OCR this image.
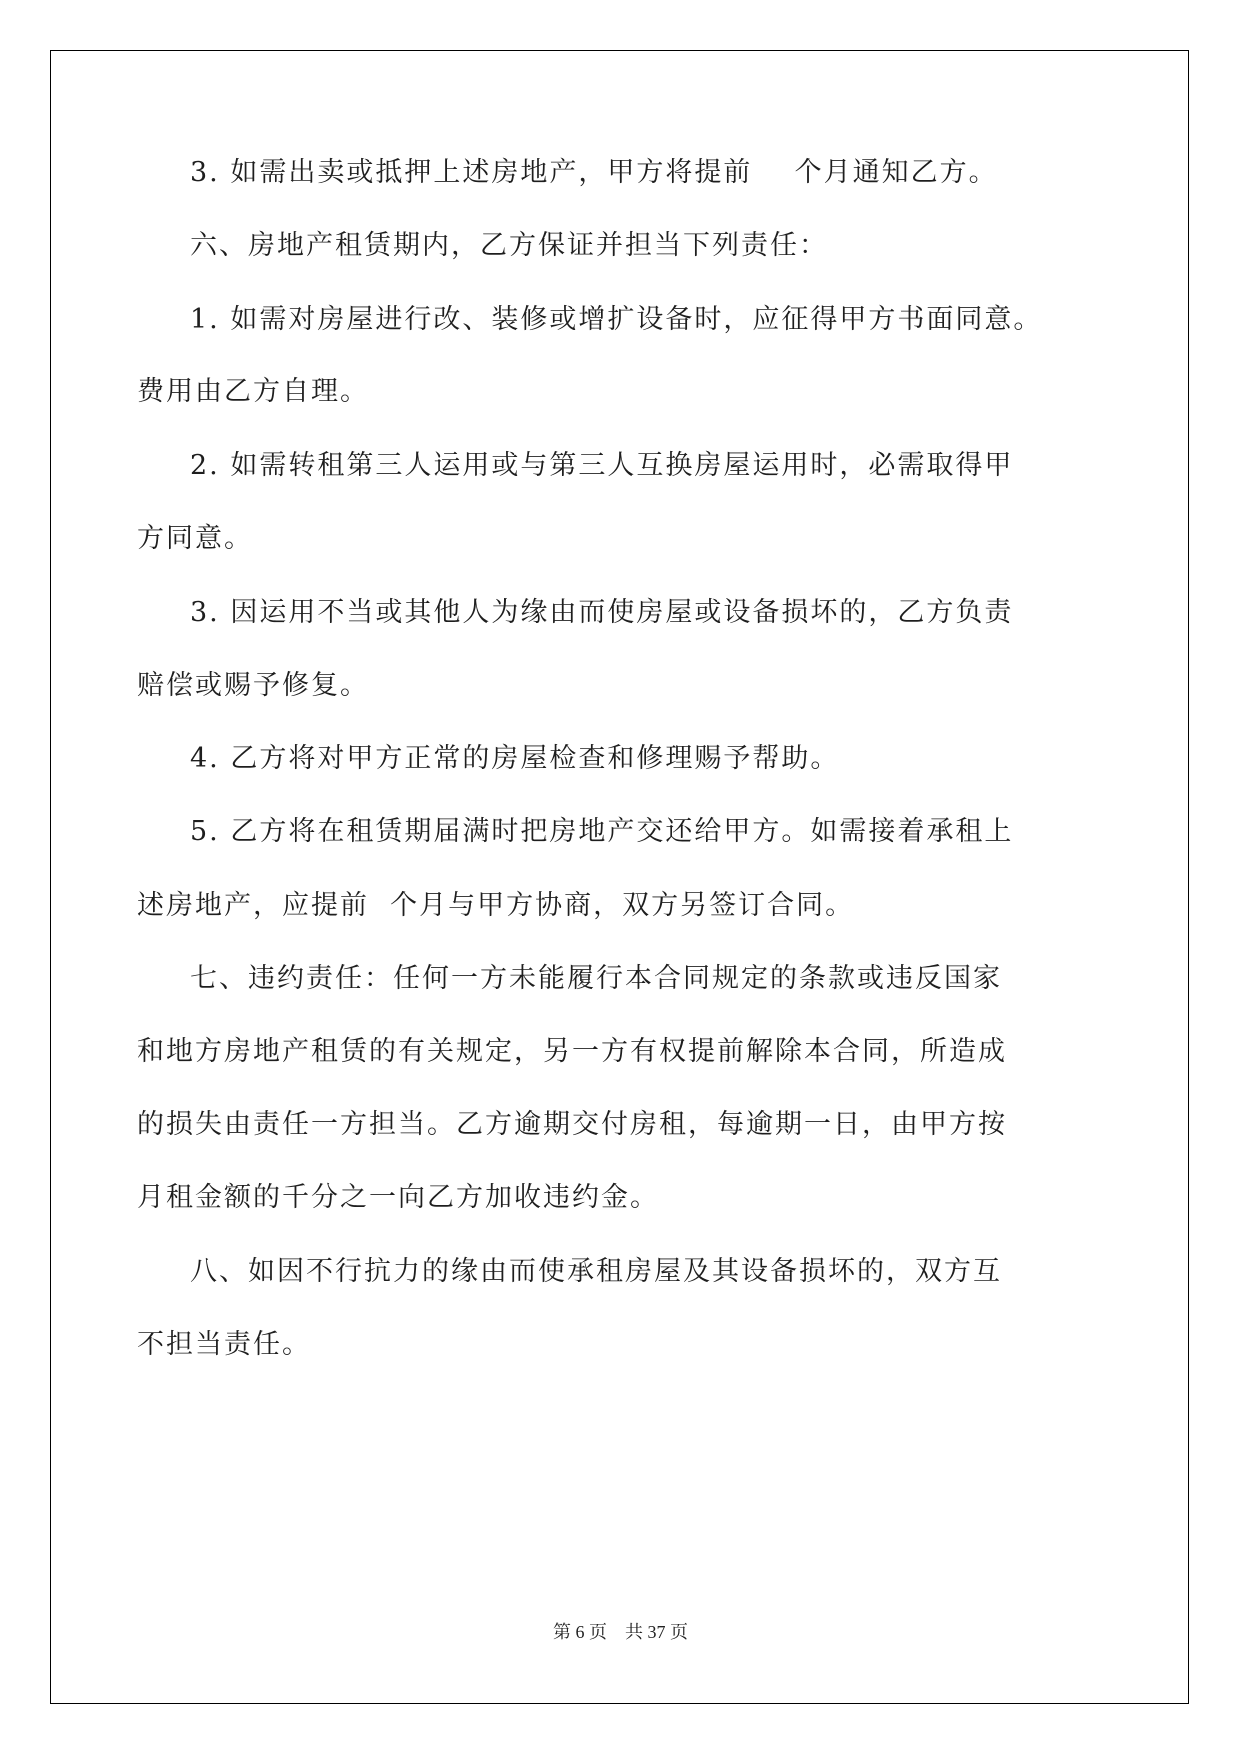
3. 如需出卖或抵押上述房地产，甲方将提前    个月通知乙方。
六、房地产租赁期内，乙方保证并担当下列责任：
1. 如需对房屋进行改、装修或增扩设备时，应征得甲方书面同意。
费用由乙方自理。
2. 如需转租第三人运用或与第三人互换房屋运用时，必需取得甲
方同意。
3. 因运用不当或其他人为缘由而使房屋或设备损坏的，乙方负责
赔偿或赐予修复。
4. 乙方将对甲方正常的房屋检查和修理赐予帮助。
5. 乙方将在租赁期届满时把房地产交还给甲方。如需接着承租上
述房地产，应提前  个月与甲方协商，双方另签订合同。
七、违约责任：任何一方未能履行本合同规定的条款或违反国家
和地方房地产租赁的有关规定，另一方有权提前解除本合同，所造成
的损失由责任一方担当。乙方逾期交付房租，每逾期一日，由甲方按
月租金额的千分之一向乙方加收违约金。
八、如因不行抗力的缘由而使承租房屋及其设备损坏的，双方互
不担当责任。
第 6 页 共 37 页
